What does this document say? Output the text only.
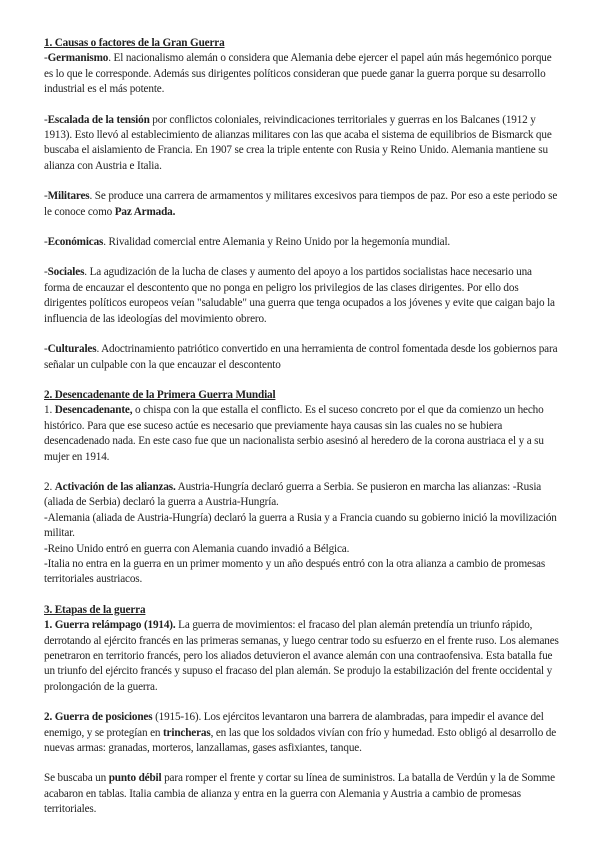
1. Causas o factores de la Gran Guerra

-Germanismo. El nacionalismo alemán o considera que Alemania debe ejercer el papel aún más hegemónico porque es lo que le corresponde. Además sus dirigentes políticos consideran que puede ganar la guerra porque su desarrollo industrial es el más potente.

-Escalada de la tensión por conflictos coloniales, reivindicaciones territoriales y guerras en los Balcanes (1912 y 1913). Esto llevó al establecimiento de alianzas militares con las que acaba el sistema de equilibrios de Bismarck que buscaba el aislamiento de Francia. En 1907 se crea la triple entente con Rusia y Reino Unido. Alemania mantiene su alianza con Austria e Italia.

-Militares. Se produce una carrera de armamentos y militares excesivos para tiempos de paz. Por eso a este periodo se le conoce como Paz Armada.

-Económicas. Rivalidad comercial entre Alemania y Reino Unido por la hegemonía mundial.

-Sociales. La agudización de la lucha de clases y aumento del apoyo a los partidos socialistas hace necesario una forma de encauzar el descontento que no ponga en peligro los privilegios de las clases dirigentes. Por ello dos dirigentes políticos europeos veían "saludable" una guerra que tenga ocupados a los jóvenes y evite que caigan bajo la influencia de las ideologías del movimiento obrero.

-Culturales. Adoctrinamiento patriótico convertido en una herramienta de control fomentada desde los gobiernos para señalar un culpable con la que encauzar el descontento

2. Desencadenante de la Primera Guerra Mundial

1. Desencadenante, o chispa con la que estalla el conflicto. Es el suceso concreto por el que da comienzo un hecho histórico. Para que ese suceso actúe es necesario que previamente haya causas sin las cuales no se hubiera desencadenado nada. En este caso fue que un nacionalista serbio asesinó al heredero de la corona austriaca el y a su mujer en 1914.

2. Activación de las alianzas. Austria-Hungría declaró guerra a Serbia. Se pusieron en marcha las alianzas: -Rusia (aliada de Serbia) declaró la guerra a Austria-Hungría.

-Alemania (aliada de Austria-Hungría) declaró la guerra a Rusia y a Francia cuando su gobierno inició la movilización militar.

-Reino Unido entró en guerra con Alemania cuando invadió a Bélgica.

-Italia no entra en la guerra en un primer momento y un año después entró con la otra alianza a cambio de promesas territoriales austriacos.

3. Etapas de la guerra

1. Guerra relámpago (1914). La guerra de movimientos: el fracaso del plan alemán pretendía un triunfo rápido, derrotando al ejército francés en las primeras semanas, y luego centrar todo su esfuerzo en el frente ruso. Los alemanes penetraron en territorio francés, pero los aliados detuvieron el avance alemán con una contraofensiva. Esta batalla fue un triunfo del ejército francés y supuso el fracaso del plan alemán. Se produjo la estabilización del frente occidental y prolongación de la guerra.

2. Guerra de posiciones (1915-16). Los ejércitos levantaron una barrera de alambradas, para impedir el avance del enemigo, y se protegían en trincheras, en las que los soldados vivían con frío y humedad. Esto obligó al desarrollo de nuevas armas: granadas, morteros, lanzallamas, gases asfixiantes, tanque.

Se buscaba un punto débil para romper el frente y cortar su línea de suministros. La batalla de Verdún y la de Somme acabaron en tablas. Italia cambia de alianza y entra en la guerra con Alemania y Austria a cambio de promesas territoriales.
